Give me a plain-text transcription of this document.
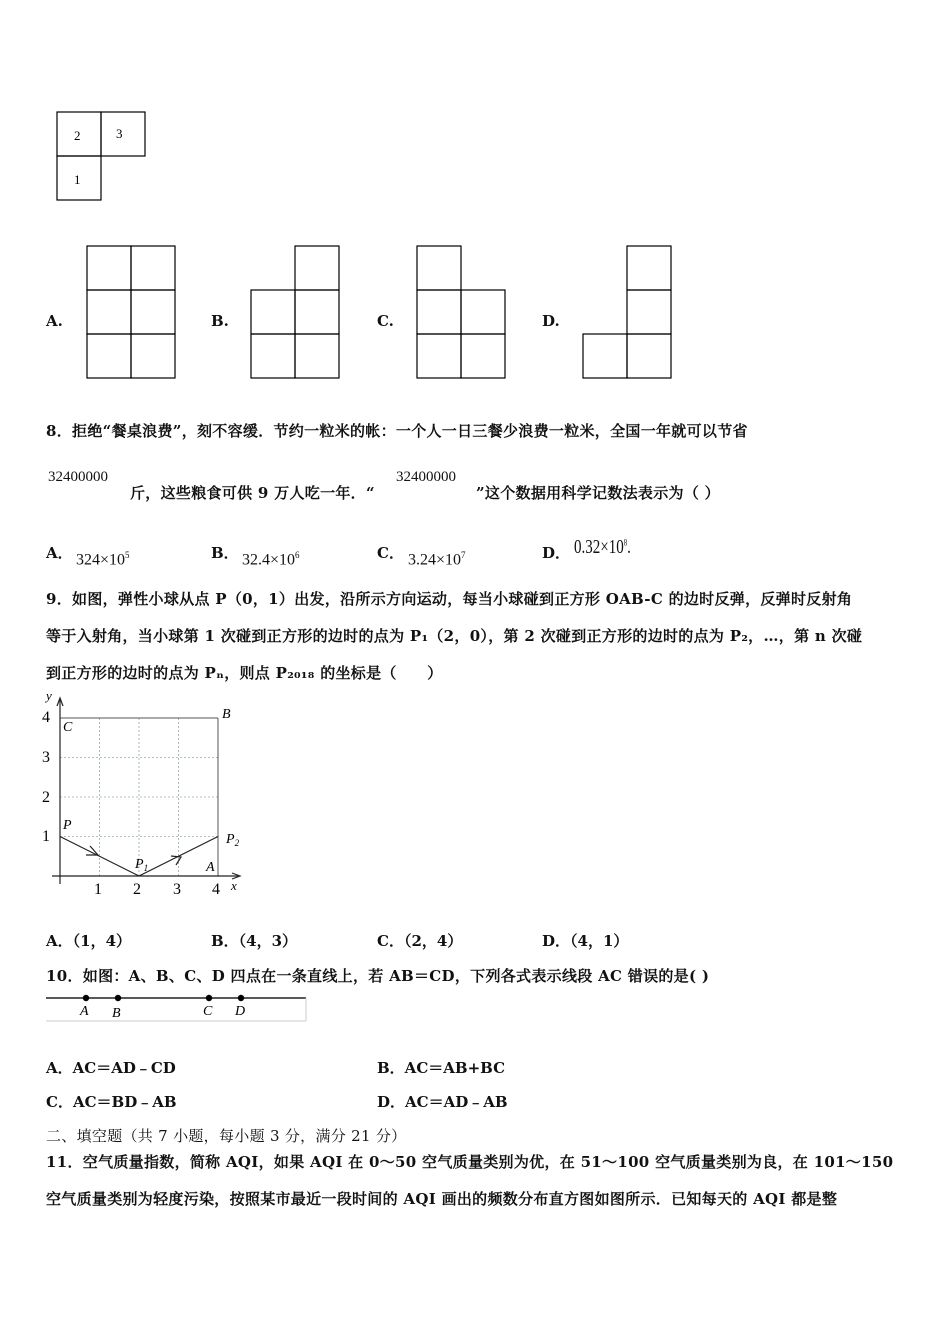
2	3
1
A.	B.	C.	D.
8．拒绝“餐桌浪费”，刻不容缓．节约一粒米的帐：一个人一日三餐少浪费一粒米，全国一年就可以节省
32400000
斤，这些粮食可供 9 万人吃一年．“
32400000
”这个数据用科学记数法表示为（ ）
A． $324\times 10^5$	B． $32.4\times 10^6$	C． $3.24\times 10^7$	D． $0.32\times 10^8$.
9．如图，弹性小球从点 P（0，1）出发，沿所示方向运动，每当小球碰到正方形 OAB-C 的边时反弹，反弹时反射角
等于入射角，当小球第 1 次碰到正方形的边时的点为 P₁（2，0），第 2 次碰到正方形的边时的点为 P₂，…，第 n 次碰
到正方形的边时的点为 Pₙ，则点 P₂₀₁₈ 的坐标是（　　）
y
x
4
3
2
1
1 2 3 4
C
B
P
$P_1$
$P_2$
A
A．（1，4）	B．（4，3）	C．（2，4）	D．（4，1）
10．如图：A、B、C、D 四点在一条直线上，若 AB＝CD，下列各式表示线段 AC 错误的是( )
A B	C D
A．AC＝AD﹣CD	B．AC＝AB+BC
C．AC＝BD﹣AB	D．AC＝AD﹣AB
二、填空题（共 7 小题，每小题 3 分，满分 21 分）
11．空气质量指数，简称 AQI，如果 AQI 在 0～50 空气质量类别为优，在 51～100 空气质量类别为良，在 101～150
空气质量类别为轻度污染，按照某市最近一段时间的 AQI 画出的频数分布直方图如图所示．已知每天的 AQI 都是整
